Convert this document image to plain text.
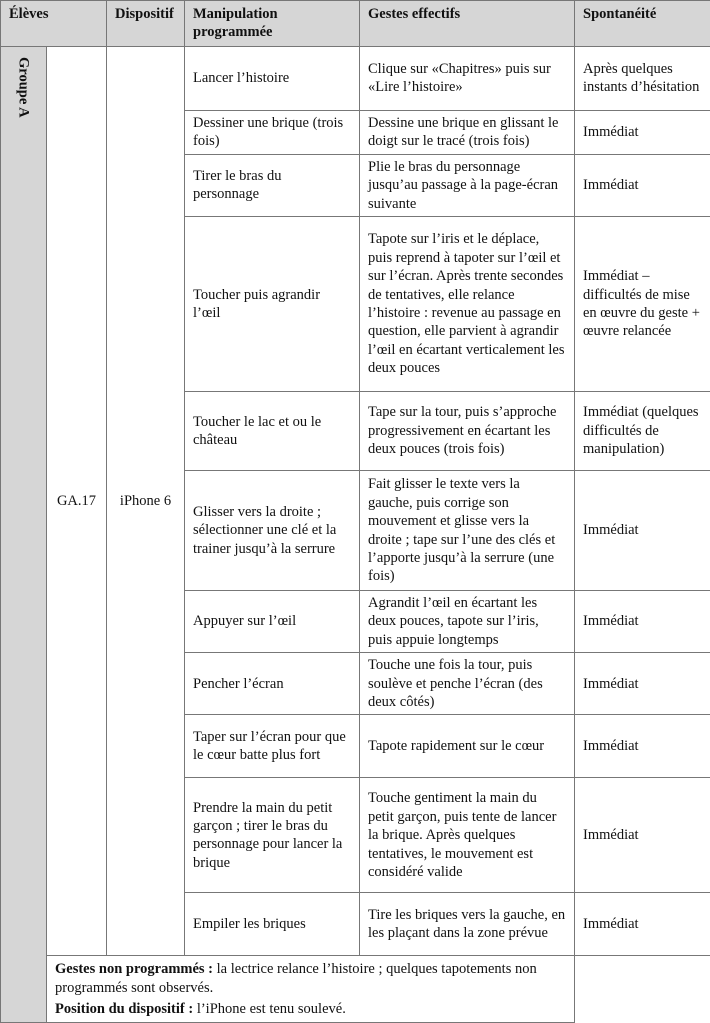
Élèves		Dispositif	Manipulation programmée	Gestes effectifs	Spontanéité

Groupe A	GA.17	iPhone 6	Lancer l’histoire	Clique sur «Chapitres» puis sur «Lire l’histoire»	Après quelques instants d’hésitation
			Dessiner une brique (trois fois)	Dessine une brique en glissant le doigt sur le tracé (trois fois)	Immédiat
			Tirer le bras du personnage	Plie le bras du personnage jusqu’au passage à la page-écran suivante	Immédiat
			Toucher puis agrandir l’œil	Tapote sur l’iris et le déplace, puis reprend à tapoter sur l’œil et sur l’écran. Après trente secondes de tentatives, elle relance l’histoire : revenue au passage en question, elle parvient à agrandir l’œil en écartant verticalement les deux pouces	Immédiat – difficultés de mise en œuvre du geste + œuvre relancée
			Toucher le lac et ou le château	Tape sur la tour, puis s’approche progressivement en écartant les deux pouces (trois fois)	Immédiat (quelques difficultés de manipulation)
			Glisser vers la droite ; sélectionner une clé et la trainer jusqu’à la serrure	Fait glisser le texte vers la gauche, puis corrige son mouvement et glisse vers la droite ; tape sur l’une des clés et l’apporte jusqu’à la serrure (une fois)	Immédiat
			Appuyer sur l’œil	Agrandit l’œil en écartant les deux pouces, tapote sur l’iris, puis appuie longtemps	Immédiat
			Pencher l’écran	Touche une fois la tour, puis soulève et penche l’écran (des deux côtés)	Immédiat
			Taper sur l’écran pour que le cœur batte plus fort	Tapote rapidement sur le cœur	Immédiat
			Prendre la main du petit garçon ; tirer le bras du personnage pour lancer la brique	Touche gentiment la main du petit garçon, puis tente de lancer la brique. Après quelques tentatives, le mouvement est considéré valide	Immédiat
			Empiler les briques	Tire les briques vers la gauche, en les plaçant dans la zone prévue	Immédiat

	Gestes non programmés : la lectrice relance l’histoire ; quelques tapotements non programmés sont observés.

Position du dispositif : l’iPhone est tenu soulevé.				
